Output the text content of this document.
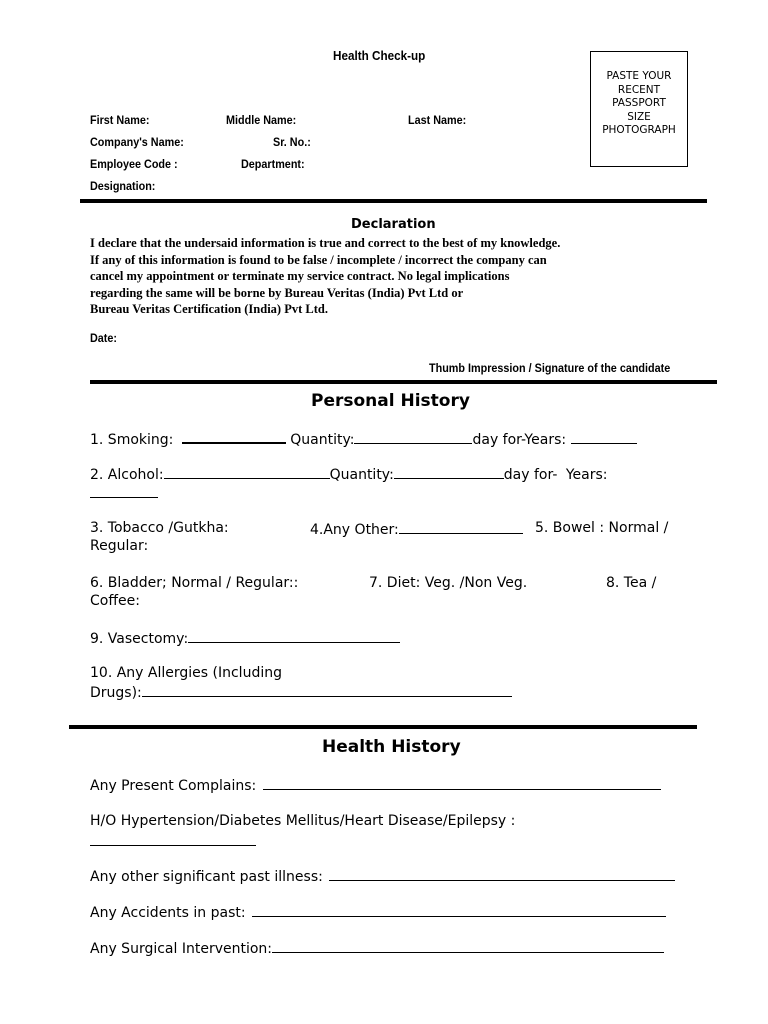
Health Check-up
PASTE YOUR
RECENT
PASSPORT
SIZE
PHOTOGRAPH
First Name:	Middle Name:	Last Name:
Company's Name:	Sr. No.:
Employee Code :	Department:
Designation:
Declaration
I declare that the undersaid information is true and correct to the best of my knowledge.
If any of this information is found to be false / incomplete / incorrect the company can
cancel my appointment or terminate my service contract. No legal implications
regarding the same will be borne by Bureau Veritas (India) Pvt Ltd or
Bureau Veritas Certification (India) Pvt Ltd.
Date:
Thumb Impression / Signature of the candidate
Personal History
1. Smoking:	Quantity:	day for-Years:
2. Alcohol:	Quantity:	day for- Years:
3. Tobacco /Gutkha:	4.Any Other:	5. Bowel : Normal /
Regular:
6. Bladder; Normal / Regular::	7. Diet: Veg. /Non Veg.	8. Tea /
Coffee:
9. Vasectomy:
10. Any Allergies (Including
Drugs):
Health History
Any Present Complains:
H/O Hypertension/Diabetes Mellitus/Heart Disease/Epilepsy :
Any other significant past illness:
Any Accidents in past:
Any Surgical Intervention:
